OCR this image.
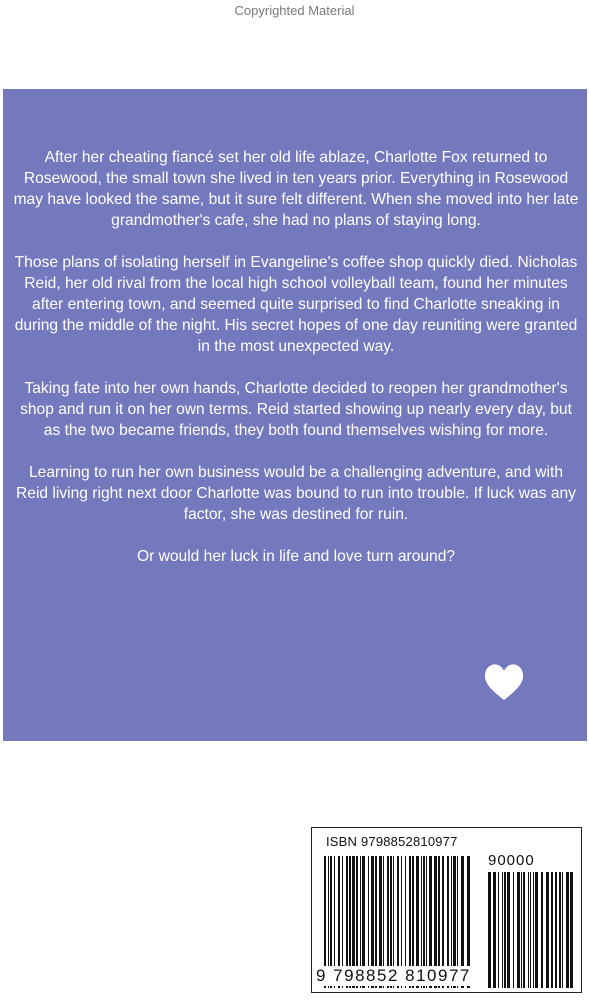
Copyrighted Material

After her cheating fiancé set her old life ablaze, Charlotte Fox returned to Rosewood, the small town she lived in ten years prior. Everything in Rosewood may have looked the same, but it sure felt different. When she moved into her late grandmother's cafe, she had no plans of staying long.

Those plans of isolating herself in Evangeline's coffee shop quickly died. Nicholas Reid, her old rival from the local high school volleyball team, found her minutes after entering town, and seemed quite surprised to find Charlotte sneaking in during the middle of the night. His secret hopes of one day reuniting were granted in the most unexpected way.

Taking fate into her own hands, Charlotte decided to reopen her grandmother's shop and run it on her own terms. Reid started showing up nearly every day, but as the two became friends, they both found themselves wishing for more.

Learning to run her own business would be a challenging adventure, and with Reid living right next door Charlotte was bound to run into trouble. If luck was any factor, she was destined for ruin.

Or would her luck in life and love turn around?

ISBN 9798852810977
90000
9 798852 810977
